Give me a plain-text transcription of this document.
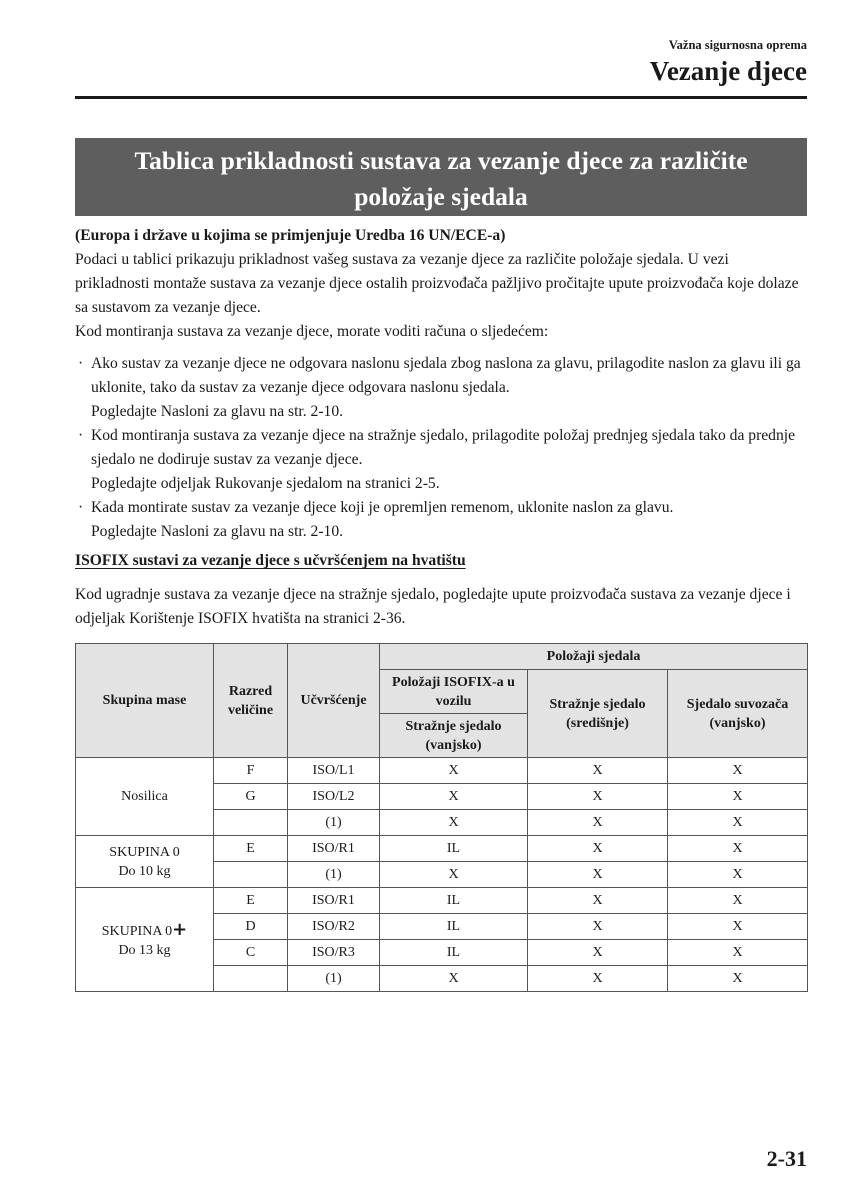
Važna sigurnosna oprema
Vezanje djece
Tablica prikladnosti sustava za vezanje djece za različite
položaje sjedala

(Europa i države u kojima se primjenjuje Uredba 16 UN/ECE-a)

Podaci u tablici prikazuju prikladnost vašeg sustava za vezanje djece za različite položaje sjedala. U vezi prikladnosti montaže sustava za vezanje djece ostalih proizvođača pažljivo pročitajte upute proizvođača koje dolaze sa sustavom za vezanje djece.

Kod montiranja sustava za vezanje djece, morate voditi računa o sljedećem:

· Ako sustav za vezanje djece ne odgovara naslonu sjedala zbog naslona za glavu, prilagodite naslon za glavu ili ga uklonite, tako da sustav za vezanje djece odgovara naslonu sjedala.
Pogledajte Nasloni za glavu na str. 2-10.
· Kod montiranja sustava za vezanje djece na stražnje sjedalo, prilagodite položaj prednjeg sjedala tako da prednje sjedalo ne dodiruje sustav za vezanje djece.
Pogledajte odjeljak Rukovanje sjedalom na stranici 2-5.
· Kada montirate sustav za vezanje djece koji je opremljen remenom, uklonite naslon za glavu.
Pogledajte Nasloni za glavu na str. 2-10.

ISOFIX sustavi za vezanje djece s učvršćenjem na hvatištu

Kod ugradnje sustava za vezanje djece na stražnje sjedalo, pogledajte upute proizvođača sustava za vezanje djece i odjeljak Korištenje ISOFIX hvatišta na stranici 2-36.

Skupina mase	Razred veličine	Učvršćenje	Položaji sjedala		
			Položaji ISOFIX-a u vozilu	Stražnje sjedalo (središnje)	Sjedalo suvozača (vanjsko)
			Stražnje sjedalo (vanjsko)		
Nosilica	F	ISO/L1	X	X	X
	G	ISO/L2	X	X	X
		(1)	X	X	X
SKUPINA 0
Do 10 kg	E	ISO/R1	IL	X	X
		(1)	X	X	X
SKUPINA 0+
Do 13 kg	E	ISO/R1	IL	X	X
	D	ISO/R2	IL	X	X
	C	ISO/R3	IL	X	X
		(1)	X	X	X
2-31
